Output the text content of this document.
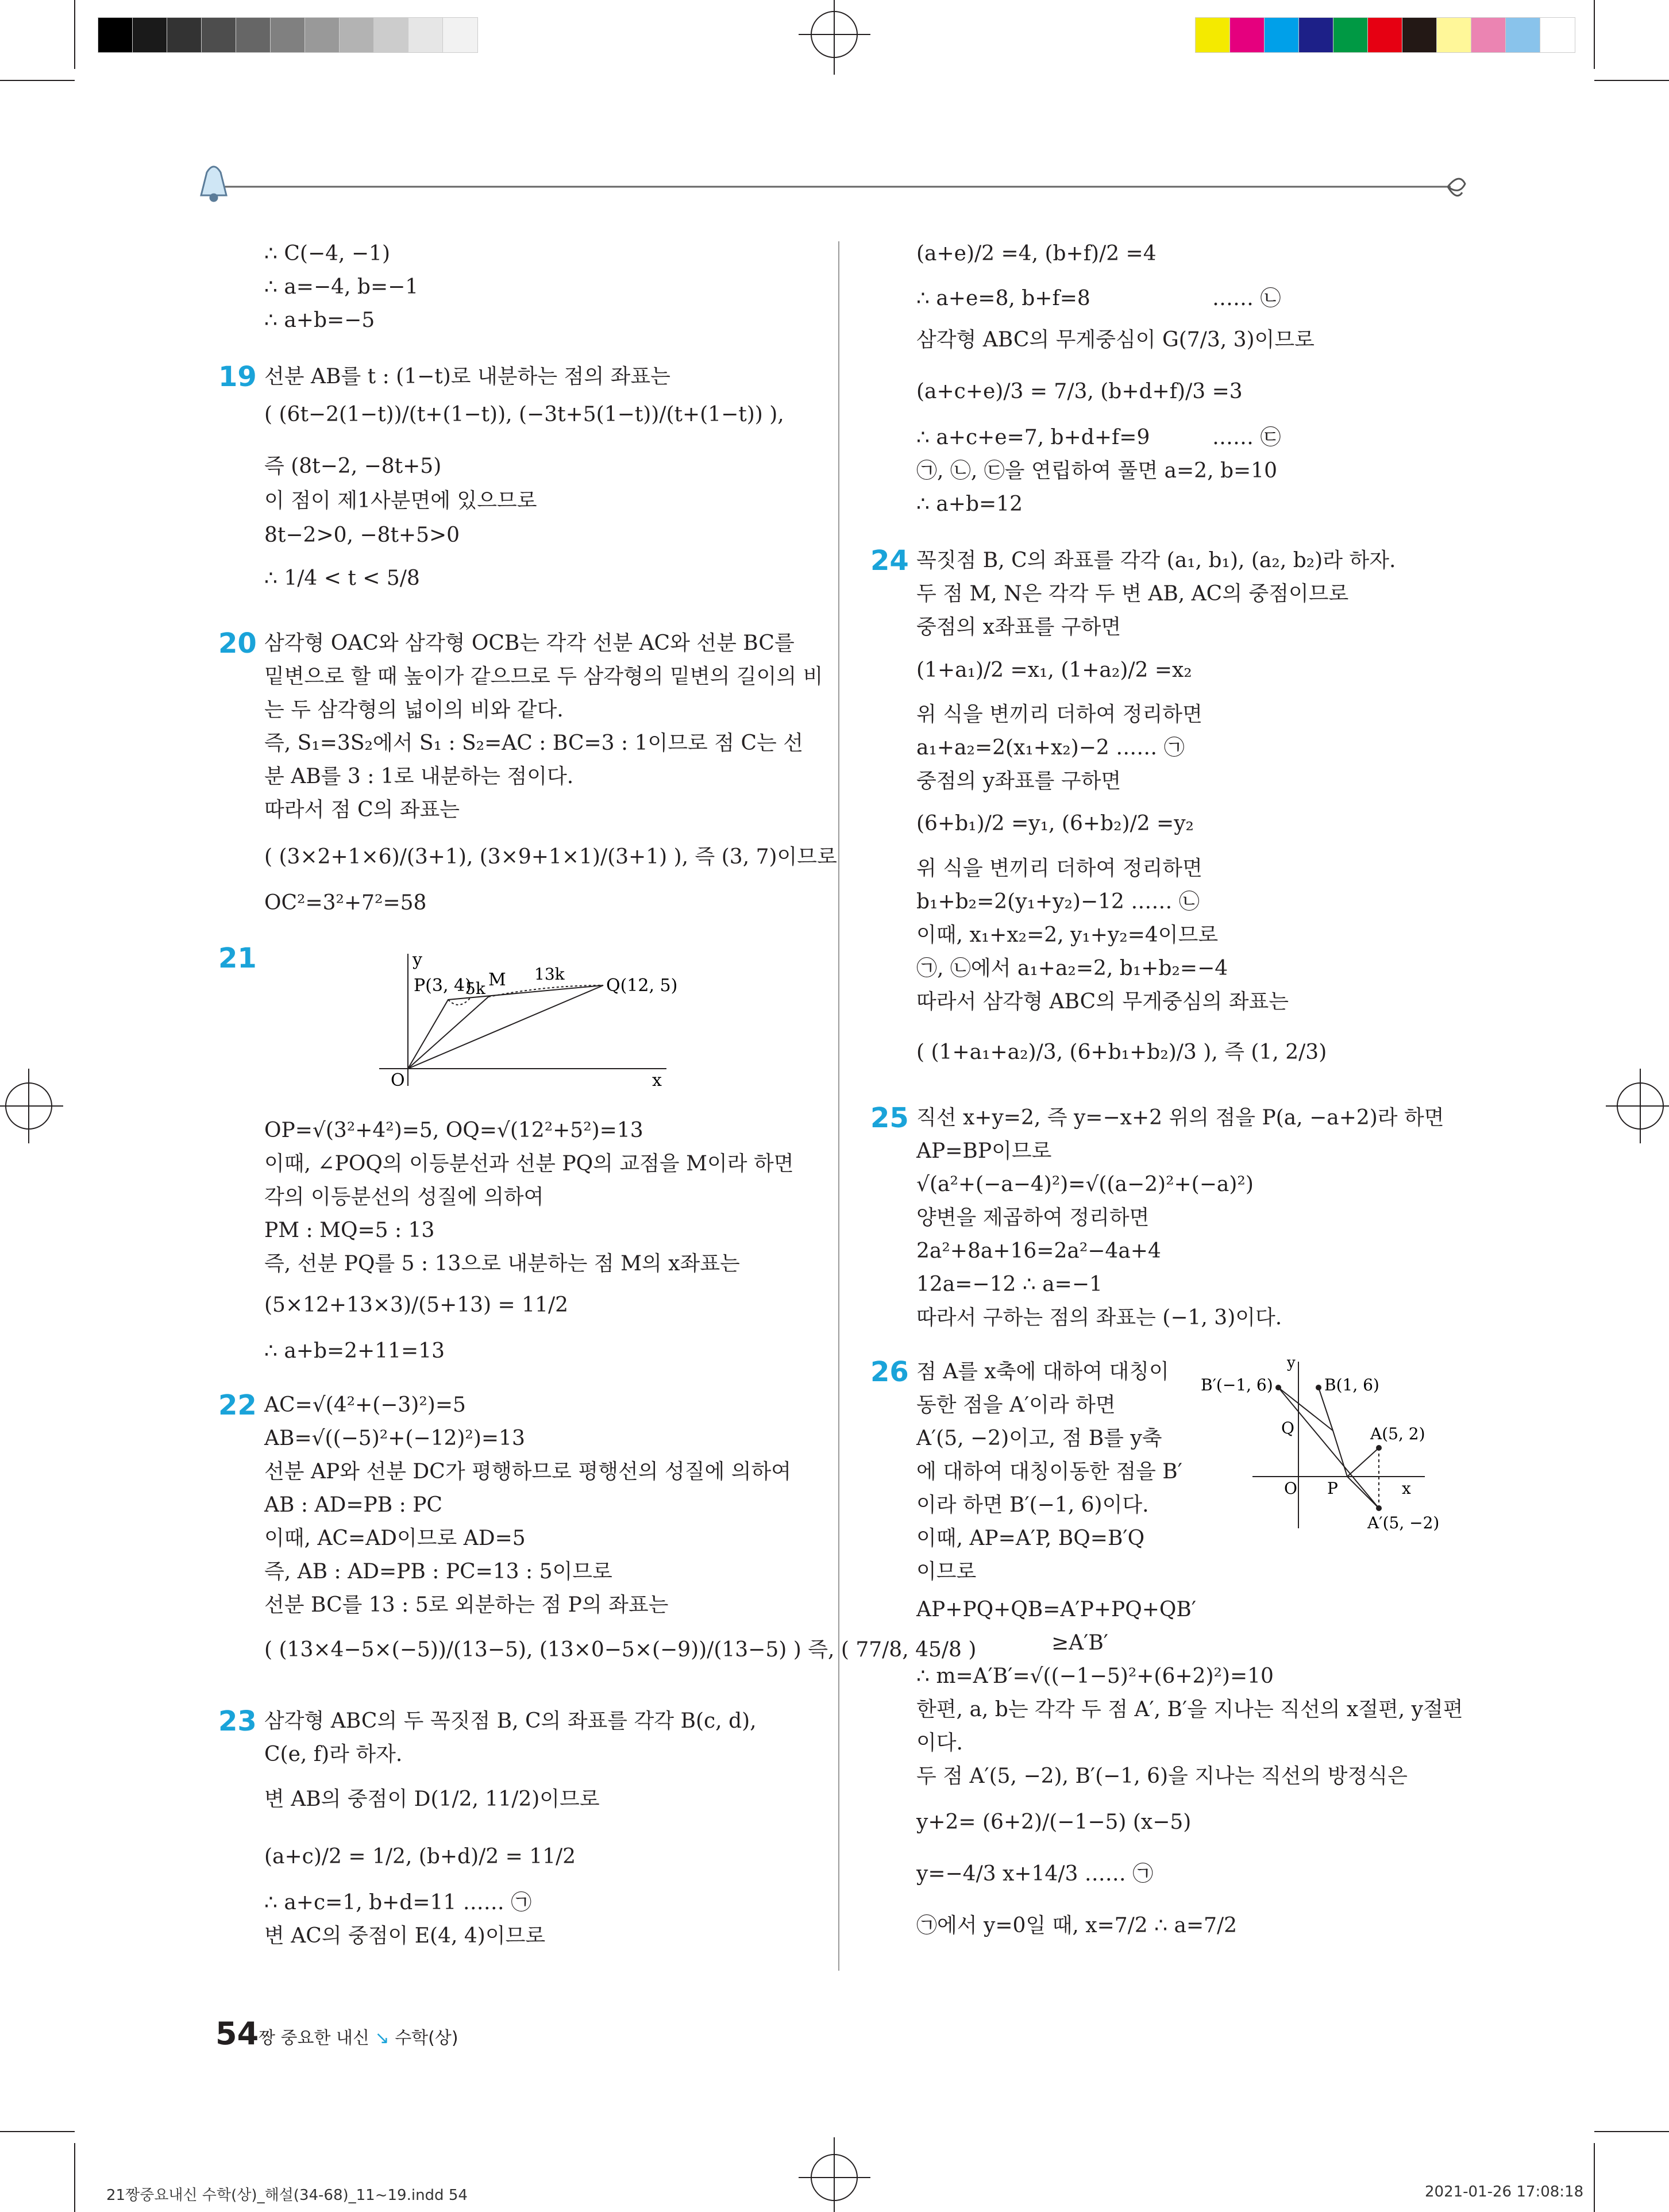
∴ C(−4, −1)
∴ a=−4, b=−1
∴ a+b=−5
19 선분 AB를 t : (1−t)로 내분하는 점의 좌표는
( (6t−2(1−t))/(t+(1−t)), (−3t+5(1−t))/(t+(1−t)) ),
즉 (8t−2, −8t+5)
이 점이 제1사분면에 있으므로
8t−2>0, −8t+5>0
∴ 1/4 < t < 5/8
20 삼각형 OAC와 삼각형 OCB는 각각 선분 AC와 선분 BC를
밑변으로 할 때 높이가 같으므로 두 삼각형의 밑변의 길이의 비
는 두 삼각형의 넓이의 비와 같다.
즉, S₁=3S₂에서 S₁ : S₂=AC : BC=3 : 1이므로 점 C는 선
분 AB를 3 : 1로 내분하는 점이다.
따라서 점 C의 좌표는
( (3×2+1×6)/(3+1), (3×9+1×1)/(3+1) ), 즉 (3, 7)이므로
OC²=3²+7²=58
21	y
P(3, 4)
5k M 13k
Q(12, 5)
O	x
OP=√(3²+4²)=5, OQ=√(12²+5²)=13
이때, ∠POQ의 이등분선과 선분 PQ의 교점을 M이라 하면
각의 이등분선의 성질에 의하여
PM : MQ=5 : 13
즉, 선분 PQ를 5 : 13으로 내분하는 점 M의 x좌표는
(5×12+13×3)/(5+13) = 11/2
∴ a+b=2+11=13
22 AC=√(4²+(−3)²)=5
AB=√((−5)²+(−12)²)=13
선분 AP와 선분 DC가 평행하므로 평행선의 성질에 의하여
AB : AD=PB : PC
이때, AC=AD이므로 AD=5
즉, AB : AD=PB : PC=13 : 5이므로
선분 BC를 13 : 5로 외분하는 점 P의 좌표는
( (13×4−5×(−5))/(13−5), (13×0−5×(−9))/(13−5) ) 즉, ( 77/8, 45/8 )
23 삼각형 ABC의 두 꼭짓점 B, C의 좌표를 각각 B(c, d),
C(e, f)라 하자.
변 AB의 중점이 D(1/2, 11/2)이므로
(a+c)/2 = 1/2, (b+d)/2 = 11/2
∴ a+c=1, b+d=11 …… ㉠
변 AC의 중점이 E(4, 4)이므로
(a+e)/2 =4, (b+f)/2 =4
∴ a+e=8, b+f=8	…… ㉡
삼각형 ABC의 무게중심이 G(7/3, 3)이므로
(a+c+e)/3 = 7/3, (b+d+f)/3 =3
∴ a+c+e=7, b+d+f=9	…… ㉢
㉠, ㉡, ㉢을 연립하여 풀면 a=2, b=10
∴ a+b=12
24 꼭짓점 B, C의 좌표를 각각 (a₁, b₁), (a₂, b₂)라 하자.
두 점 M, N은 각각 두 변 AB, AC의 중점이므로
중점의 x좌표를 구하면
(1+a₁)/2 =x₁, (1+a₂)/2 =x₂
위 식을 변끼리 더하여 정리하면
a₁+a₂=2(x₁+x₂)−2 …… ㉠
중점의 y좌표를 구하면
(6+b₁)/2 =y₁, (6+b₂)/2 =y₂
위 식을 변끼리 더하여 정리하면
b₁+b₂=2(y₁+y₂)−12 …… ㉡
이때, x₁+x₂=2, y₁+y₂=4이므로
㉠, ㉡에서 a₁+a₂=2, b₁+b₂=−4
따라서 삼각형 ABC의 무게중심의 좌표는
( (1+a₁+a₂)/3, (6+b₁+b₂)/3 ), 즉 (1, 2/3)
25 직선 x+y=2, 즉 y=−x+2 위의 점을 P(a, −a+2)라 하면
AP=BP이므로
√(a²+(−a−4)²)=√((a−2)²+(−a)²)
양변을 제곱하여 정리하면
2a²+8a+16=2a²−4a+4
12a=−12 ∴ a=−1
따라서 구하는 점의 좌표는 (−1, 3)이다.
26 점 A를 x축에 대하여 대칭이
동한 점을 A′이라 하면
A′(5, −2)이고, 점 B를 y축
에 대하여 대칭이동한 점을 B′
이라 하면 B′(−1, 6)이다.
이때, AP=A′P, BQ=B′Q
이므로
y
B′(−1, 6)	B(1, 6)
Q	A(5, 2)
O P	x
A′(5, −2)
AP+PQ+QB=A′P+PQ+QB′
≥A′B′
∴ m=A′B′=√((−1−5)²+(6+2)²)=10
한편, a, b는 각각 두 점 A′, B′을 지나는 직선의 x절편, y절편
이다.
두 점 A′(5, −2), B′(−1, 6)을 지나는 직선의 방정식은
y+2= (6+2)/(−1−5) (x−5)
y=−4/3 x+14/3 …… ㉠
㉠에서 y=0일 때, x=7/2 ∴ a=7/2
54 짱 중요한 내신 ↘ 수학(상)
21짱중요내신 수학(상)_해설(34-68)_11~19.indd 54	2021-01-26 17:08:18
